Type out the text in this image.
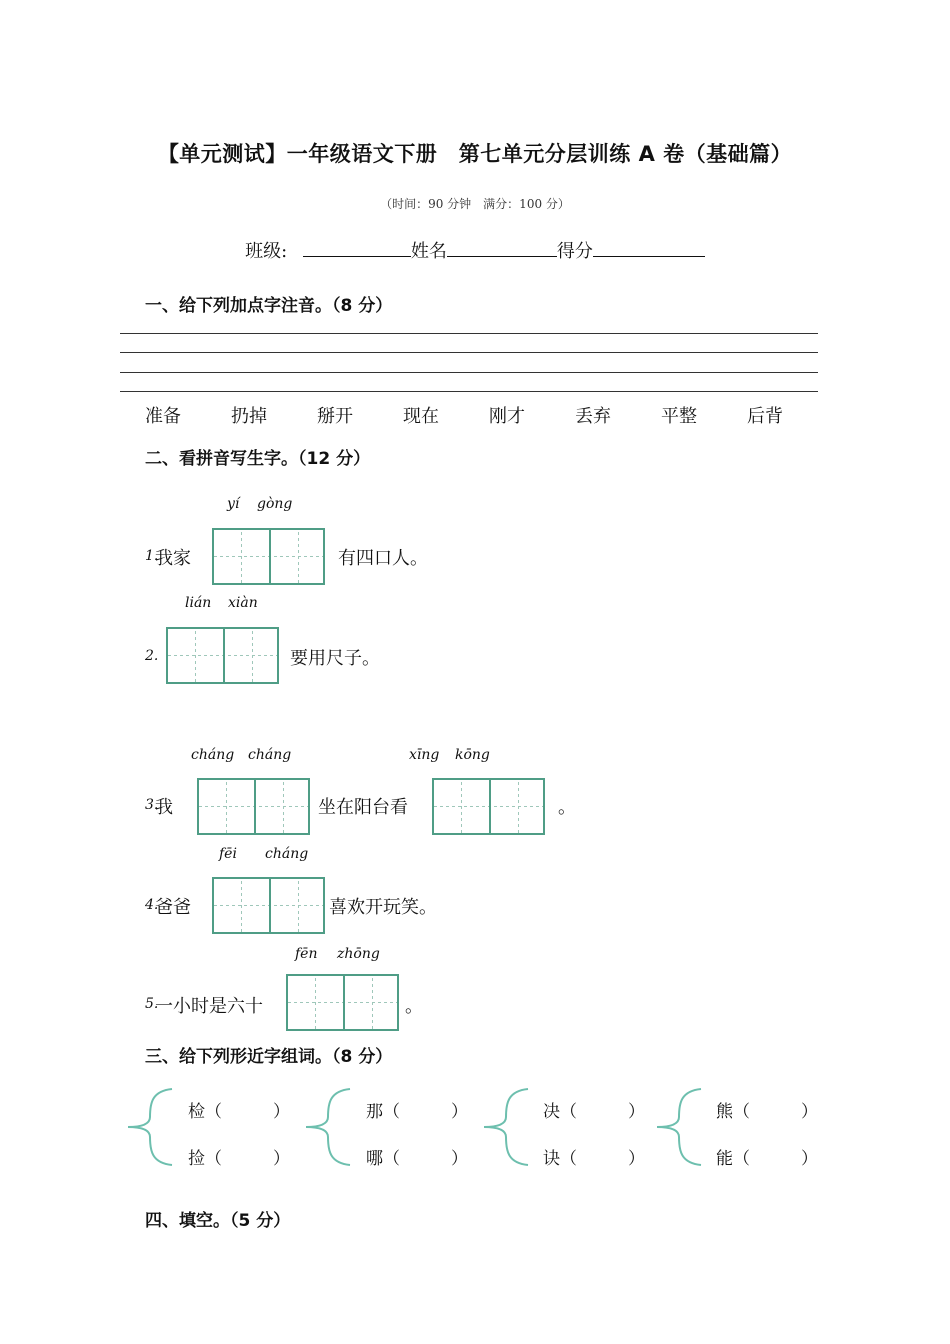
【单元测试】一年级语文下册　第七单元分层训练 A 卷（基础篇）
（时间：90 分钟　满分：100 分）
班级:	姓名	得分
一、给下列加点字注音。（8 分）
准备	扔掉	掰开	现在	刚才	丢弃	平整	后背
二、看拼音写生字。（12 分）
yí gòng
1.
我家	有四口人。
lián xiàn
2.	要用尺子。
cháng cháng	xīng kōng
3.
我	坐在阳台看	。
fēi cháng
4.
爸爸	喜欢开玩笑。
fēn zhōng
5.
一小时是六十	。
三、给下列形近字组词。（8 分）
检（　　　）
捡（　　　）
那（　　　）
哪（　　　）
决（　　　）
诀（　　　）
熊（　　　）
能（　　　）
四、填空。（5 分）
